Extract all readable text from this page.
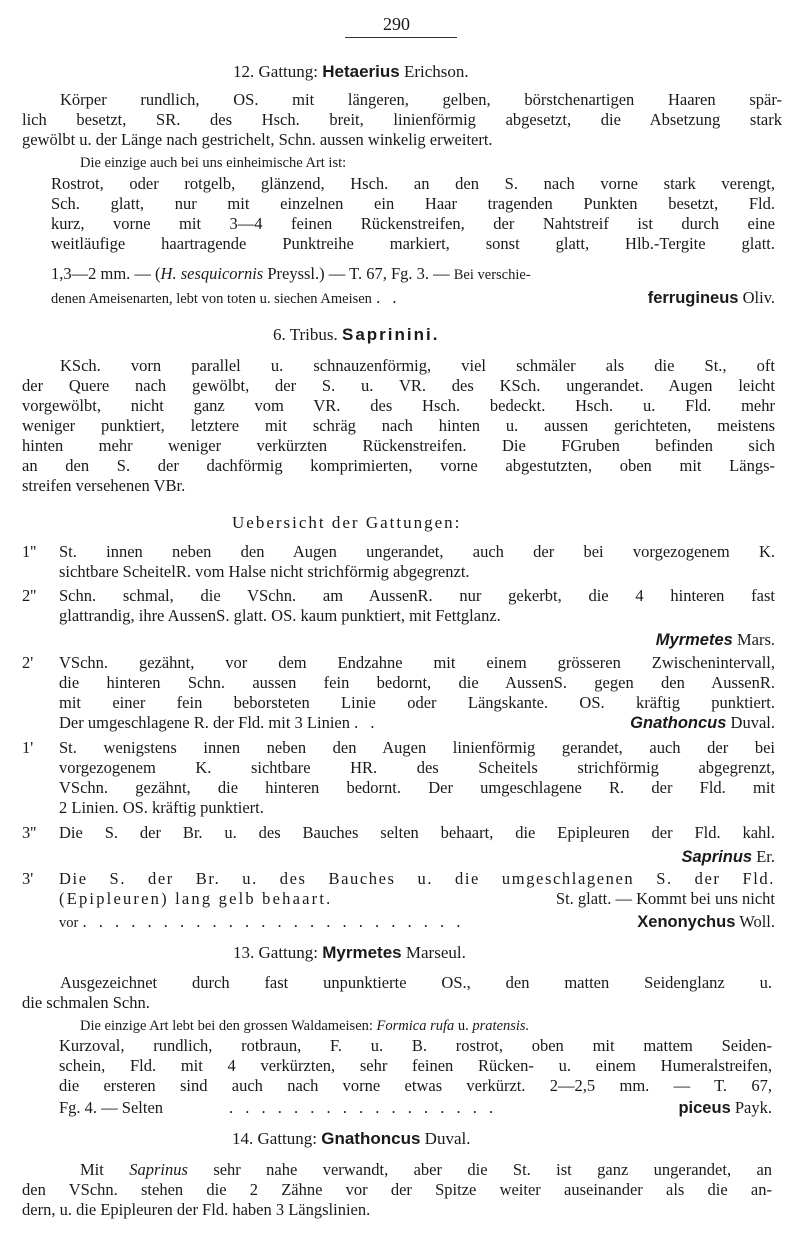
290
12. Gattung: Hetaerius Erichson.
Körper rundlich, OS. mit längeren, gelben, börstchenartigen Haaren spär-
lich besetzt, SR. des Hsch. breit, linienförmig abgesetzt, die Absetzung stark
gewölbt u. der Länge nach gestrichelt, Schn. aussen winkelig erweitert.
Die einzige auch bei uns einheimische Art ist:
Rostrot, oder rotgelb, glänzend, Hsch. an den S. nach vorne stark verengt,
Sch. glatt, nur mit einzelnen ein Haar tragenden Punkten besetzt, Fld.
kurz, vorne mit 3—4 feinen Rückenstreifen, der Nahtstreif ist durch eine
weitläufige haartragende Punktreihe markiert, sonst glatt, Hlb.-Tergite glatt.
1,3—2 mm. — (H. sesquicornis Preyssl.) — T. 67, Fg. 3. — Bei verschie-
denen Ameisenarten, lebt von toten u. siechen Ameisen . .	ferrugineus Oliv.
6. Tribus. Saprinini.
KSch. vorn parallel u. schnauzenförmig, viel schmäler als die St., oft
der Quere nach gewölbt, der S. u. VR. des KSch. ungerandet. Augen leicht
vorgewölbt, nicht ganz vom VR. des Hsch. bedeckt. Hsch. u. Fld. mehr
weniger punktiert, letztere mit schräg nach hinten u. aussen gerichteten, meistens
hinten mehr weniger verkürzten Rückenstreifen. Die FGruben befinden sich
an den S. der dachförmig komprimierten, vorne abgestutzten, oben mit Längs-
streifen versehenen VBr.
Uebersicht der Gattungen:
1'' St. innen neben den Augen ungerandet, auch der bei vorgezogenem K.
sichtbare ScheitelR. vom Halse nicht strichförmig abgegrenzt.
2'' Schn. schmal, die VSchn. am AussenR. nur gekerbt, die 4 hinteren fast
glattrandig, ihre AussenS. glatt. OS. kaum punktiert, mit Fettglanz.
Myrmetes Mars.
2' VSchn. gezähnt, vor dem Endzahne mit einem grösseren Zwischenintervall,
die hinteren Schn. aussen fein bedornt, die AussenS. gegen den AussenR.
mit einer fein beborsteten Linie oder Längskante. OS. kräftig punktiert.
Der umgeschlagene R. der Fld. mit 3 Linien . .	Gnathoncus Duval.
1' St. wenigstens innen neben den Augen linienförmig gerandet, auch der bei
vorgezogenem K. sichtbare HR. des Scheitels strichförmig abgegrenzt,
VSchn. gezähnt, die hinteren bedornt. Der umgeschlagene R. der Fld. mit
2 Linien. OS. kräftig punktiert.
3'' Die S. der Br. u. des Bauches selten behaart, die Epipleuren der Fld. kahl.
Saprinus Er.
3' Die S. der Br. u. des Bauches u. die umgeschlagenen S. der Fld.
(Epipleuren) lang gelb behaart.	St. glatt. — Kommt bei uns nicht
vor . . . . . . . . . . . . . . . . . . . . . . . .	Xenonychus Woll.
13. Gattung: Myrmetes Marseul.
Ausgezeichnet durch fast unpunktierte OS., den matten Seidenglanz u.
die schmalen Schn.
Die einzige Art lebt bei den grossen Waldameisen: Formica rufa u. pratensis.
Kurzoval, rundlich, rotbraun, F. u. B. rostrot, oben mit mattem Seiden-
schein, Fld. mit 4 verkürzten, sehr feinen Rücken- u. einem Humeralstreifen,
die ersteren sind auch nach vorne etwas verkürzt. 2—2,5 mm. — T. 67,
Fg. 4. — Selten	. . . . . . . . . . . . . . . . .	piceus Payk.
14. Gattung: Gnathoncus Duval.
Mit Saprinus sehr nahe verwandt, aber die St. ist ganz ungerandet, an
den VSchn. stehen die 2 Zähne vor der Spitze weiter auseinander als die an-
dern, u. die Epipleuren der Fld. haben 3 Längslinien.
